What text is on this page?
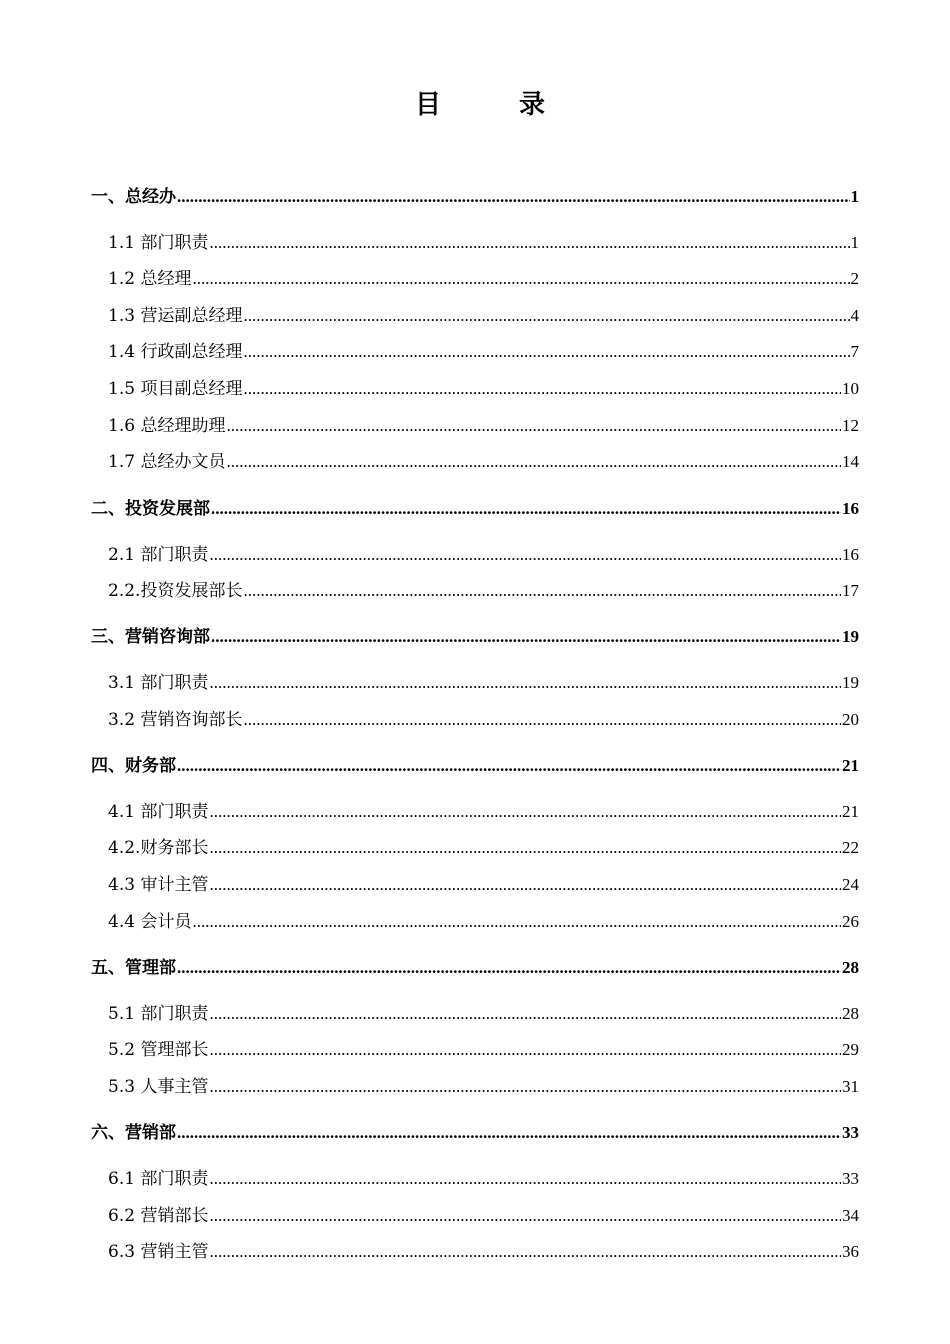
目　录
一、总经办 .....	1
1.1 部门职责 .....	1
1.2 总经理 .....	2
1.3 营运副总经理 .....	4
1.4 行政副总经理 .....	7
1.5 项目副总经理 .....	10
1.6 总经理助理 .....	12
1.7 总经办文员 .....	14
二、投资发展部 .....	16
2.1 部门职责 .....	16
2.2.投资发展部长 .....	17
三、营销咨询部 .....	19
3.1 部门职责 .....	19
3.2 营销咨询部长 .....	20
四、财务部 .....	21
4.1 部门职责 .....	21
4.2.财务部长 .....	22
4.3 审计主管 .....	24
4.4 会计员 .....	26
五、管理部 .....	28
5.1 部门职责 .....	28
5.2 管理部长 .....	29
5.3 人事主管 .....	31
六、营销部 .....	33
6.1 部门职责 .....	33
6.2 营销部长 .....	34
6.3 营销主管 .....	36
